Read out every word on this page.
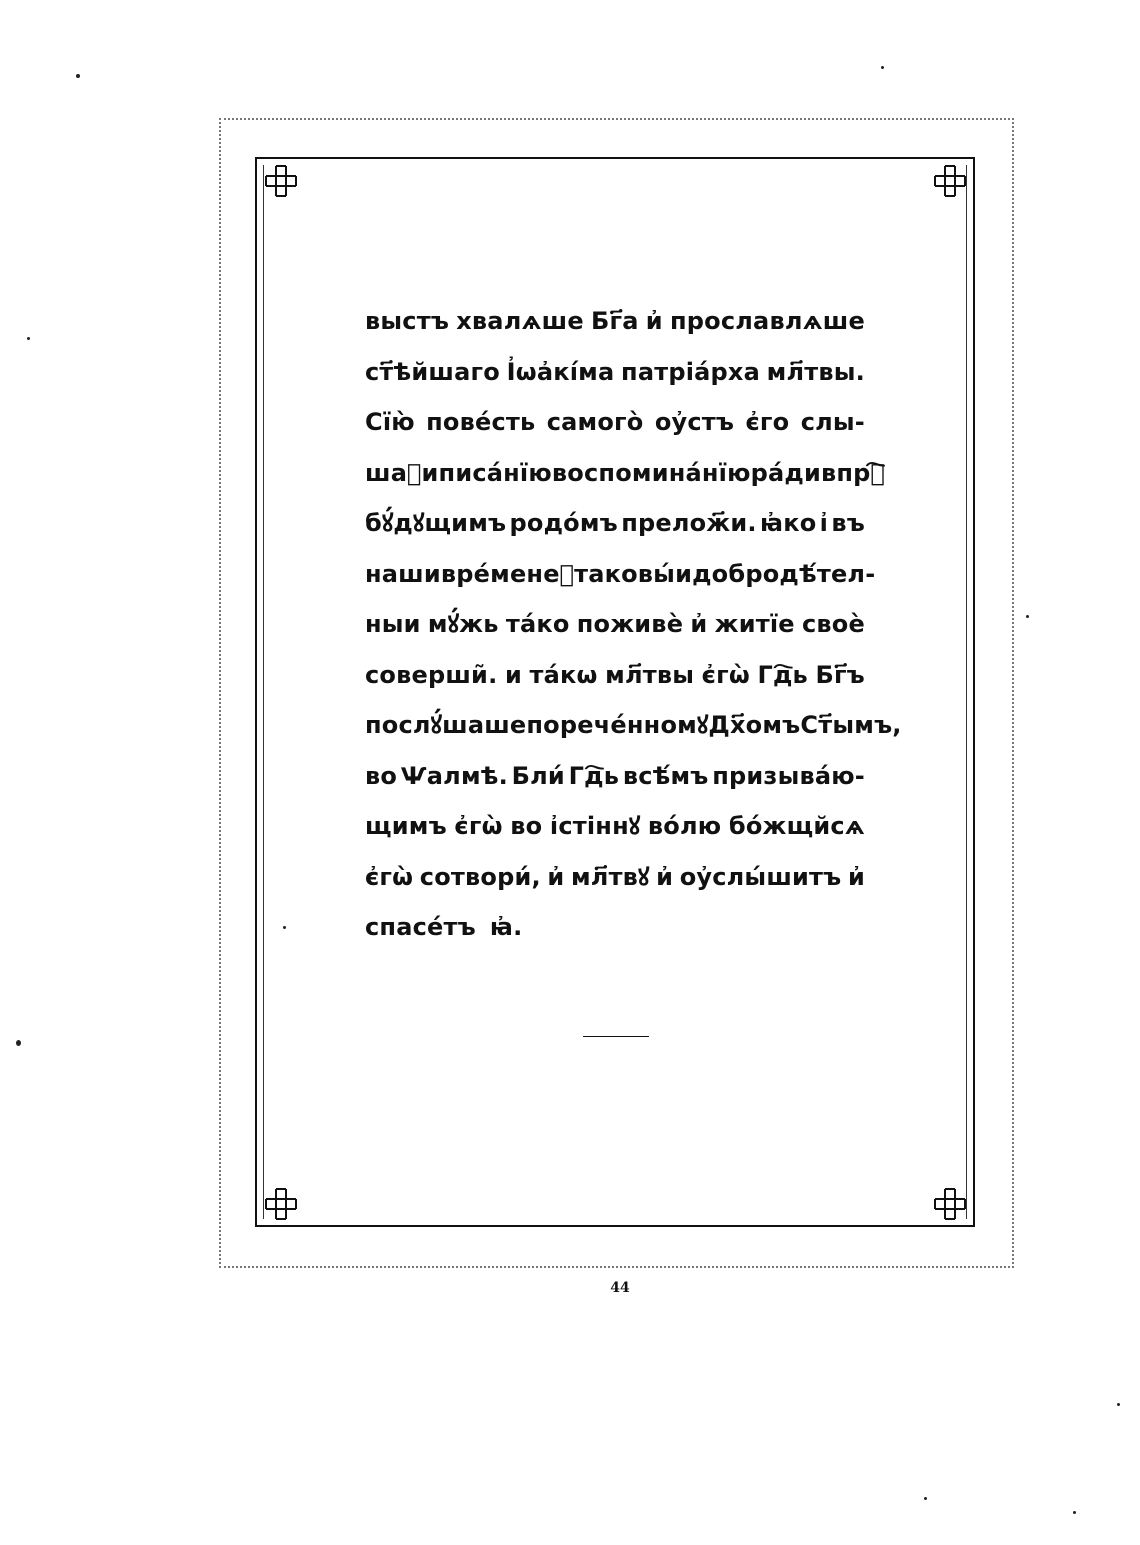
выстъ хвалѧше Бг҃а и҆ прославлѧше
ст҃ѣйшаго І҆ѡа҆кі́ма патріа́рха мл҃твы.
Сїю̀ пове́сть самого̀ оу҆стъ є҆го слы-
шаⷯ и писа́нїю воспомина́нїю ра́ди впрⷷ҇
бꙋ́дꙋщимъ родо́мъ прелож҃и. ꙗ҆ко і҆ въ
наши вре́менеⷯ таковы́и добродѣ́тел-
ныи мꙋ́жь та́ко поживѐ и҆ житїе своѐ
соверши̃. и та́кѡ мл҃твы є҆гѡ̀ Гд҇ь Бг҃ъ
послꙋ́шаше по рече́нномꙋ Дх҃омъ Ст҃ымъ,
во Ѱалмѣ. Бли́ Гд҇ь всѣ́мъ призыва́ю-
щимъ є҆гѡ̀ во і҆стіннꙋ во́лю бо́жщйсѧ
є҆гѡ̀ сотвори́, и҆ мл҃твꙋ и҆ оу҆слы́шитъ и҆
спасе́тъ ꙗ҆.
44
